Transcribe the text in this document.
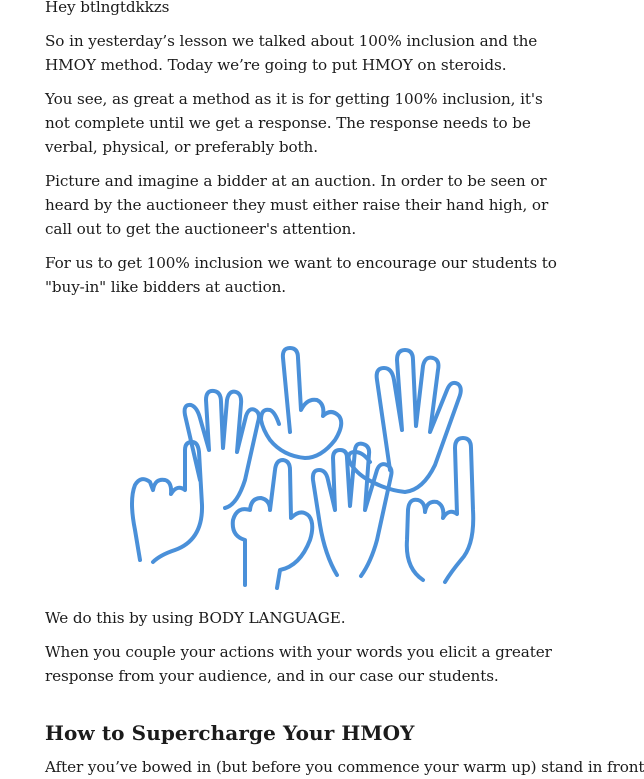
Hey btlngtdkkzs

So in yesterday’s lesson we talked about 100% inclusion and the HMOY method. Today we’re going to put HMOY on steroids.

You see, as great a method as it is for getting 100% inclusion, it's not complete until we get a response. The response needs to be verbal, physical, or preferably both.

Picture and imagine a bidder at an auction. In order to be seen or heard by the auctioneer they must either raise their hand high, or call out to get the auctioneer's attention.

For us to get 100% inclusion we want to encourage our students to "buy-in" like bidders at auction.

We do this by using BODY LANGUAGE.

When you couple your actions with your words you elicit a greater response from your audience, and in our case our students.

How to Supercharge Your HMOY

After you’ve bowed in (but before you commence your warm up) stand in front
